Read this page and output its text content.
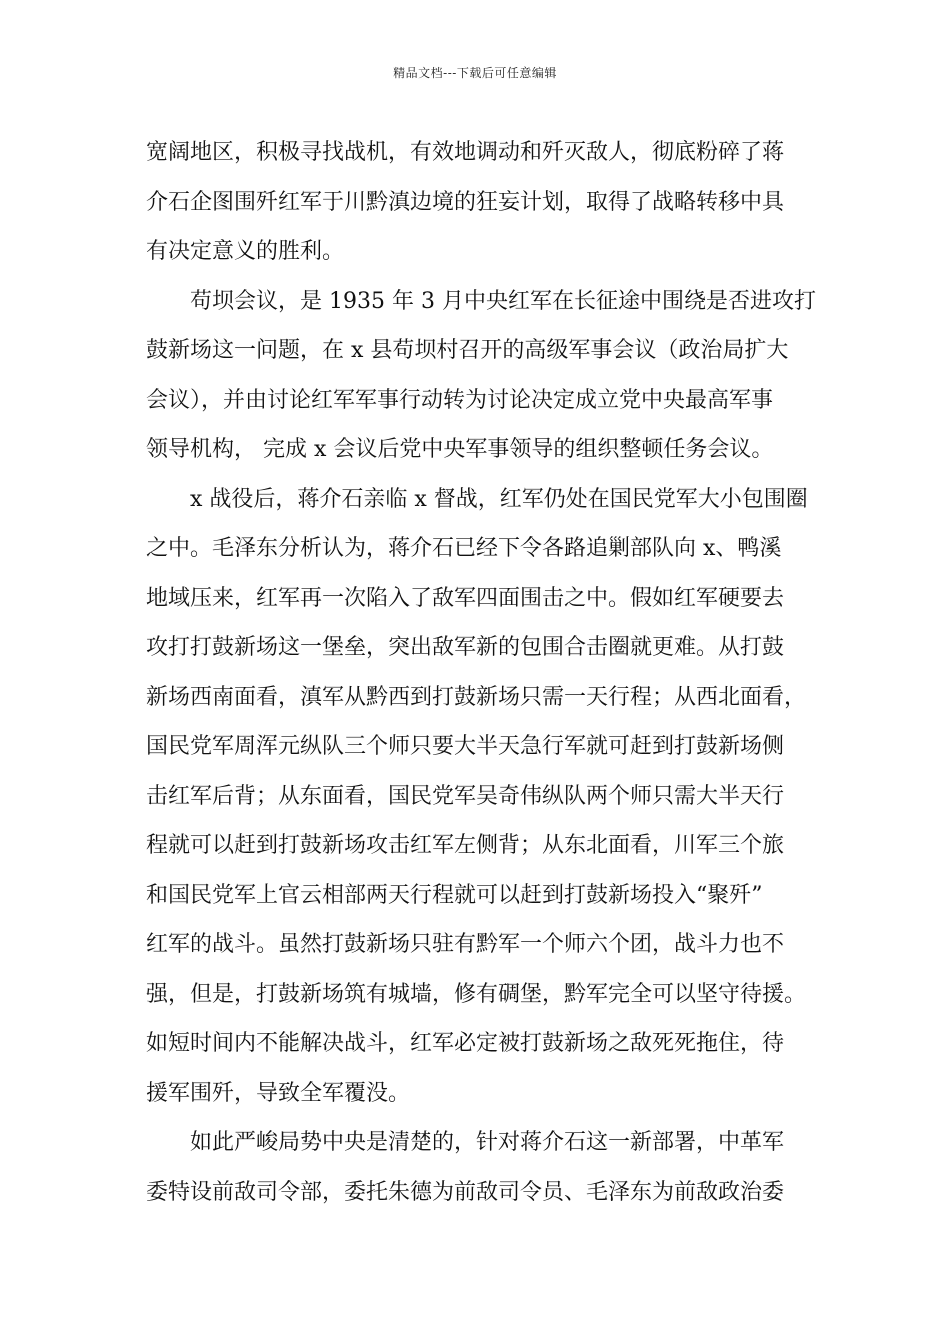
精品文档---下载后可任意编辑

宽阔地区，积极寻找战机，有效地调动和歼灭敌人，彻底粉碎了蒋
介石企图围歼红军于川黔滇边境的狂妄计划，取得了战略转移中具
有决定意义的胜利。

苟坝会议，是 1935 年 3 月中央红军在长征途中围绕是否进攻打
鼓新场这一问题，在 x 县苟坝村召开的高级军事会议（政治局扩大
会议），并由讨论红军军事行动转为讨论决定成立党中央最高军事
领导机构， 完成 x 会议后党中央军事领导的组织整顿任务会议。

x 战役后，蒋介石亲临 x 督战，红军仍处在国民党军大小包围圈
之中。毛泽东分析认为，蒋介石已经下令各路追剿部队向 x、鸭溪
地域压来，红军再一次陷入了敌军四面围击之中。假如红军硬要去
攻打打鼓新场这一堡垒，突出敌军新的包围合击圈就更难。从打鼓
新场西南面看，滇军从黔西到打鼓新场只需一天行程；从西北面看，
国民党军周浑元纵队三个师只要大半天急行军就可赶到打鼓新场侧
击红军后背；从东面看，国民党军吴奇伟纵队两个师只需大半天行
程就可以赶到打鼓新场攻击红军左侧背；从东北面看，川军三个旅
和国民党军上官云相部两天行程就可以赶到打鼓新场投入“聚歼”
红军的战斗。虽然打鼓新场只驻有黔军一个师六个团，战斗力也不
强，但是，打鼓新场筑有城墙，修有碉堡，黔军完全可以坚守待援。
如短时间内不能解决战斗，红军必定被打鼓新场之敌死死拖住，待
援军围歼，导致全军覆没。

如此严峻局势中央是清楚的，针对蒋介石这一新部署，中革军
委特设前敌司令部，委托朱德为前敌司令员、毛泽东为前敌政治委
